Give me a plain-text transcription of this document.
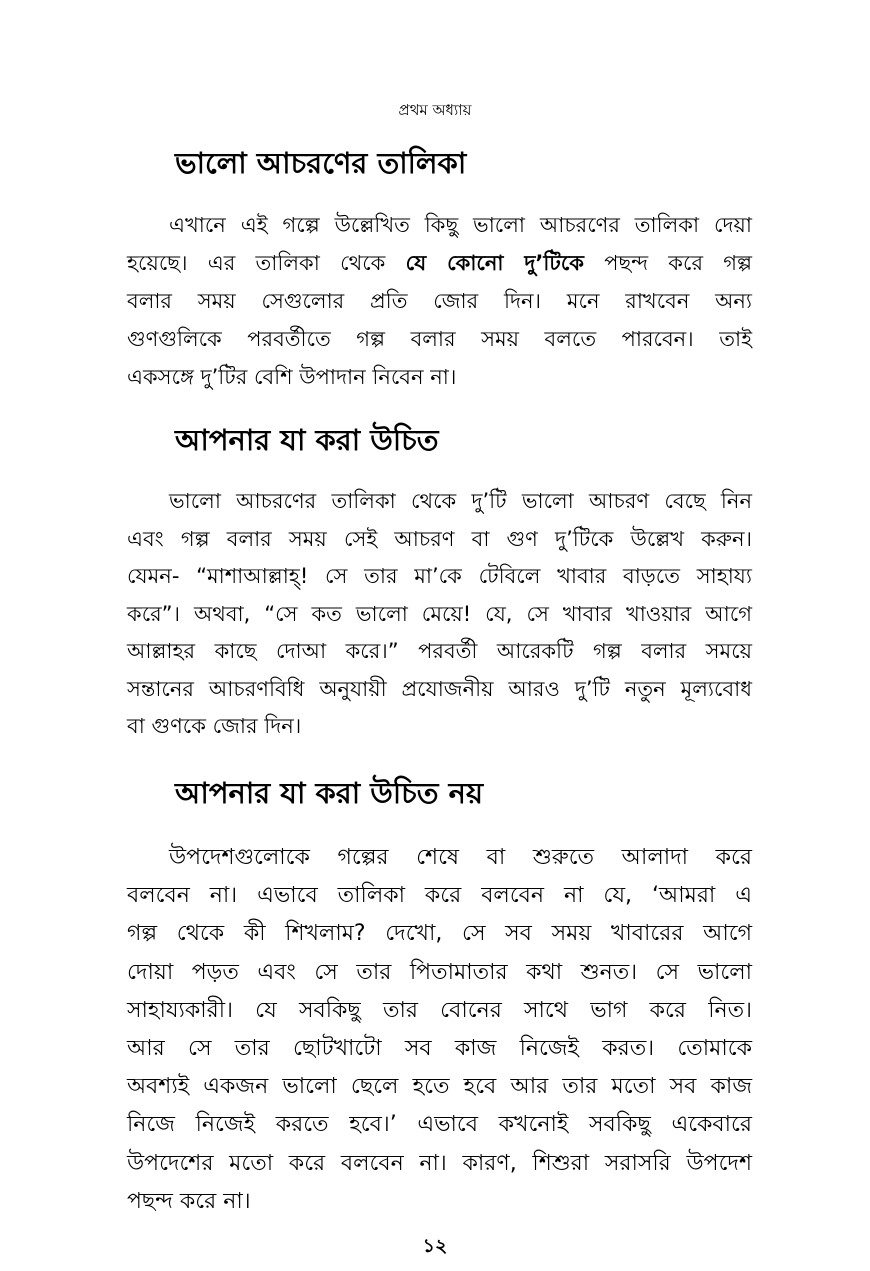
প্রথম অধ্যায়
ভালো আচরণের তালিকা
এখানে এই গল্পে উল্লেখিত কিছু ভালো আচরণের তালিকা দেয়া
হয়েছে। এর তালিকা থেকে যে কোনো দু’টিকে পছন্দ করে গল্প
বলার সময় সেগুলোর প্রতি জোর দিন। মনে রাখবেন অন্য
গুণগুলিকে পরবর্তীতে গল্প বলার সময় বলতে পারবেন। তাই
একসঙ্গে দু’টির বেশি উপাদান নিবেন না।
আপনার যা করা উচিত
ভালো আচরণের তালিকা থেকে দু’টি ভালো আচরণ বেছে নিন
এবং গল্প বলার সময় সেই আচরণ বা গুণ দু’টিকে উল্লেখ করুন।
যেমন- “মাশাআল্লাহ্! সে তার মা’কে টেবিলে খাবার বাড়তে সাহায্য
করে”। অথবা, “সে কত ভালো মেয়ে! যে, সে খাবার খাওয়ার আগে
আল্লাহর কাছে দোআ করে।” পরবর্তী আরেকটি গল্প বলার সময়ে
সন্তানের আচরণবিধি অনুযায়ী প্রযোজনীয় আরও দু’টি নতুন মূল্যবোধ
বা গুণকে জোর দিন।
আপনার যা করা উচিত নয়
উপদেশগুলোকে গল্পের শেষে বা শুরুতে আলাদা করে
বলবেন না। এভাবে তালিকা করে বলবেন না যে, ‘আমরা এ
গল্প থেকে কী শিখলাম? দেখো, সে সব সময় খাবারের আগে
দোয়া পড়ত এবং সে তার পিতামাতার কথা শুনত। সে ভালো
সাহায্যকারী। যে সবকিছু তার বোনের সাথে ভাগ করে নিত।
আর সে তার ছোটখাটো সব কাজ নিজেই করত। তোমাকে
অবশ্যই একজন ভালো ছেলে হতে হবে আর তার মতো সব কাজ
নিজে নিজেই করতে হবে।’ এভাবে কখনোই সবকিছু একেবারে
উপদেশের মতো করে বলবেন না। কারণ, শিশুরা সরাসরি উপদেশ
পছন্দ করে না।
১২
